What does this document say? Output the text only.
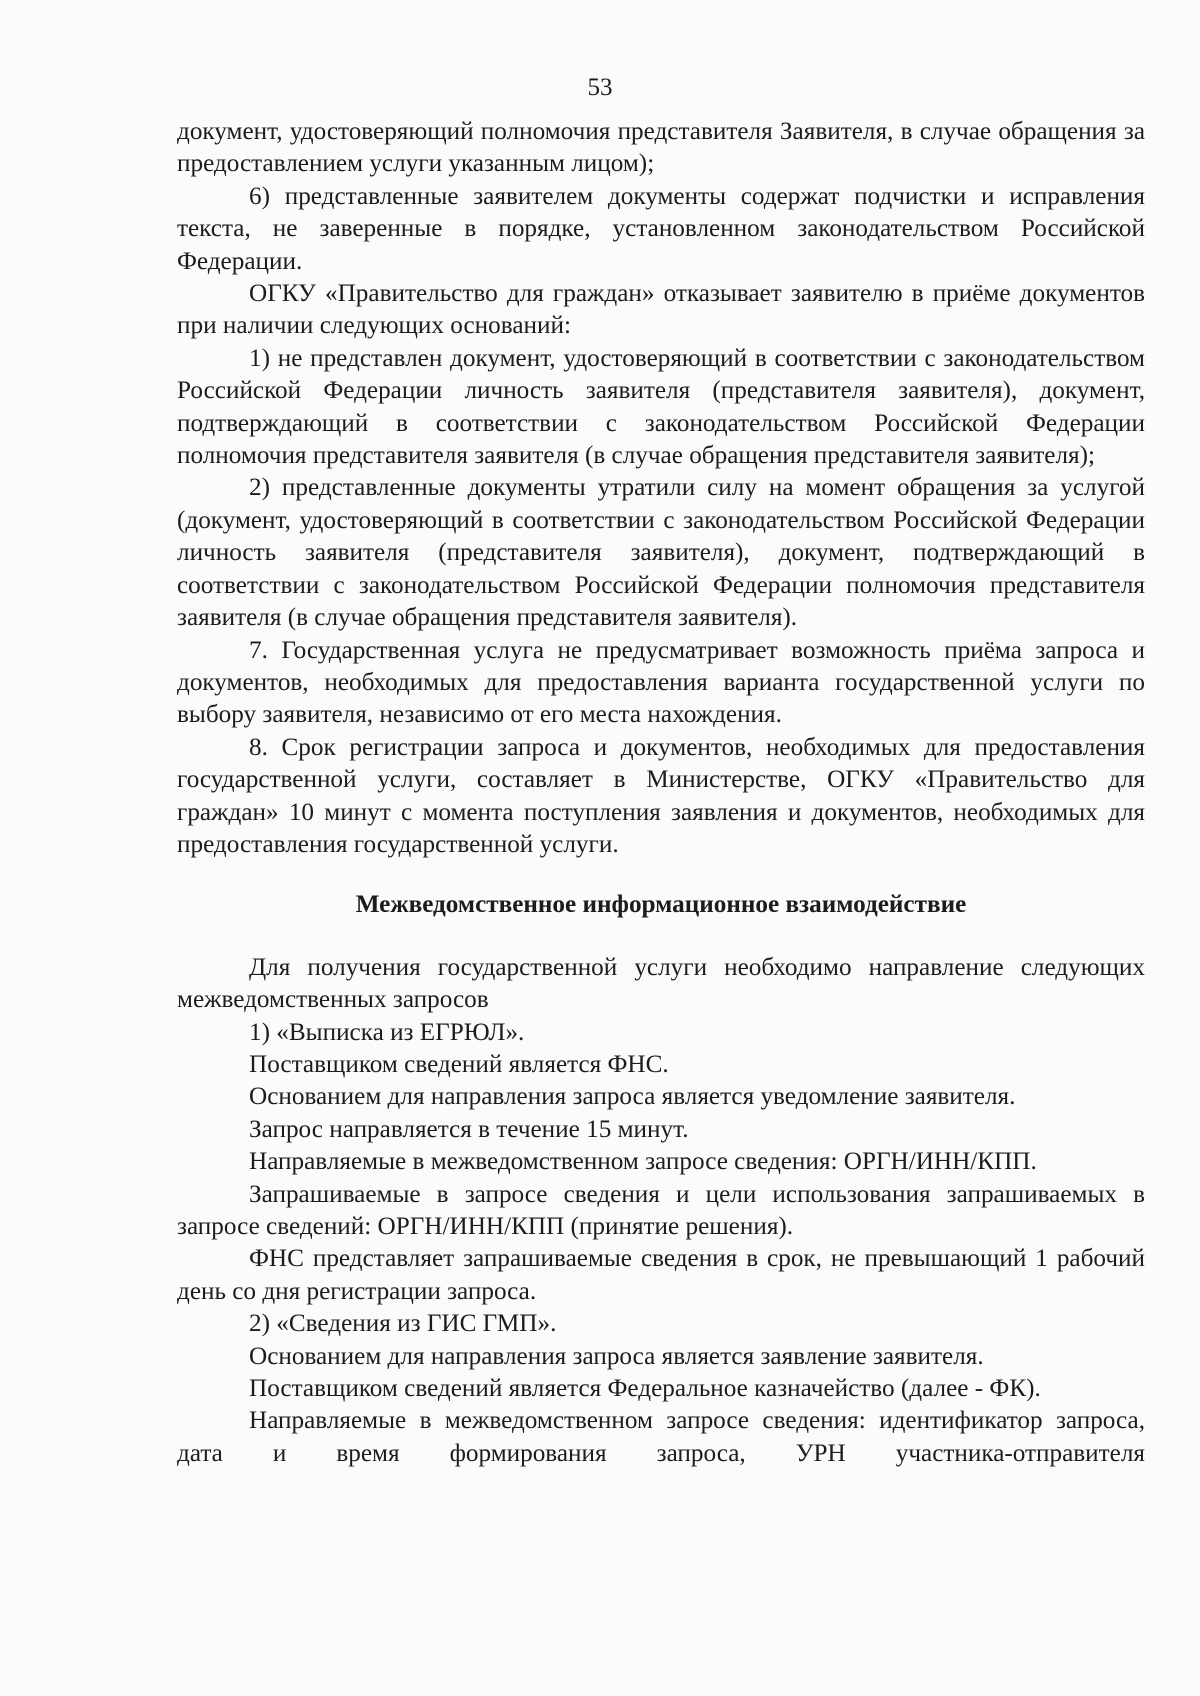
53

документ, удостоверяющий полномочия представителя Заявителя, в случае обращения за предоставлением услуги указанным лицом);

6) представленные заявителем документы содержат подчистки и исправления текста, не заверенные в порядке, установленном законодательством Российской Федерации.

ОГКУ «Правительство для граждан» отказывает заявителю в приёме документов при наличии следующих оснований:

1) не представлен документ, удостоверяющий в соответствии с законодательством Российской Федерации личность заявителя (представителя заявителя), документ, подтверждающий в соответствии с законодательством Российской Федерации полномочия представителя заявителя (в случае обращения представителя заявителя);

2) представленные документы утратили силу на момент обращения за услугой (документ, удостоверяющий в соответствии с законодательством Российской Федерации личность заявителя (представителя заявителя), документ, подтверждающий в соответствии с законодательством Российской Федерации полномочия представителя заявителя (в случае обращения представителя заявителя).

7. Государственная услуга не предусматривает возможность приёма запроса и документов, необходимых для предоставления варианта государственной услуги по выбору заявителя, независимо от его места нахождения.

8. Срок регистрации запроса и документов, необходимых для предоставления государственной услуги, составляет в Министерстве, ОГКУ «Правительство для граждан» 10 минут с момента поступления заявления и документов, необходимых для предоставления государственной услуги.

Межведомственное информационное взаимодействие

Для получения государственной услуги необходимо направление следующих межведомственных запросов

1) «Выписка из ЕГРЮЛ».

Поставщиком сведений является ФНС.

Основанием для направления запроса является уведомление заявителя.

Запрос направляется в течение 15 минут.

Направляемые в межведомственном запросе сведения: ОРГН/ИНН/КПП.

Запрашиваемые в запросе сведения и цели использования запрашиваемых в запросе сведений: ОРГН/ИНН/КПП (принятие решения).

ФНС представляет запрашиваемые сведения в срок, не превышающий 1 рабочий день со дня регистрации запроса.

2) «Сведения из ГИС ГМП».

Основанием для направления запроса является заявление заявителя.

Поставщиком сведений является Федеральное казначейство (далее - ФК).

Направляемые в межведомственном запросе сведения: идентификатор запроса, дата и время формирования запроса, УРН участника-отправителя
